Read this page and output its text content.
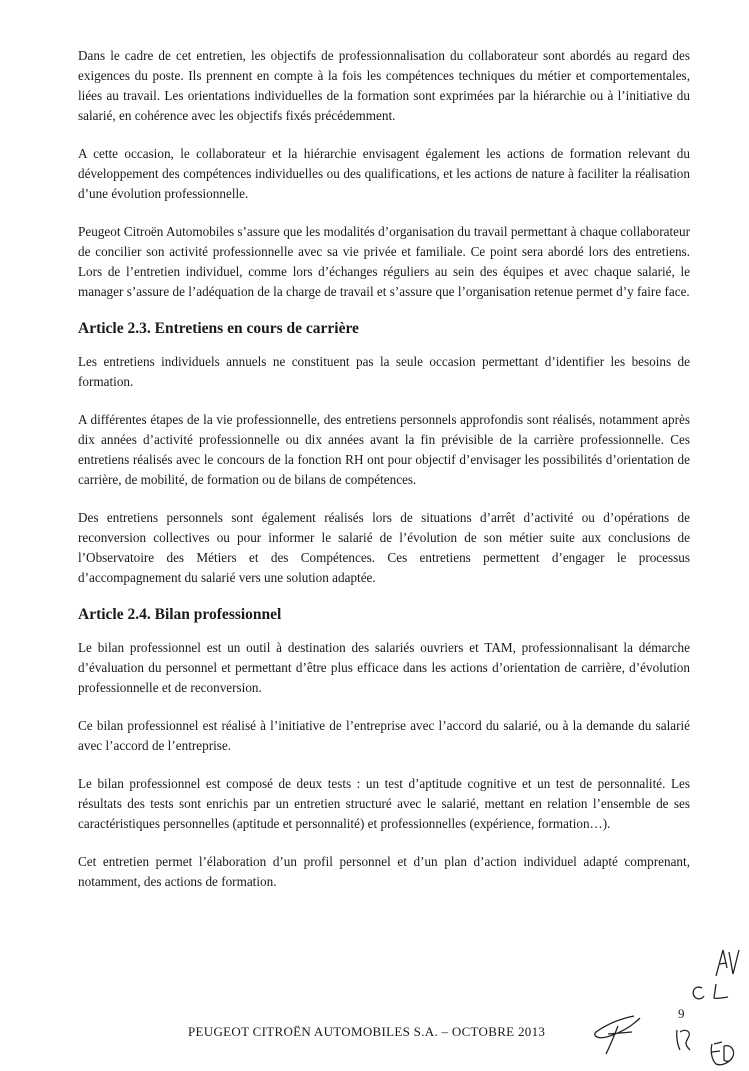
Dans le cadre de cet entretien, les objectifs de professionnalisation du collaborateur sont abordés au regard des exigences du poste. Ils prennent en compte à la fois les compétences techniques du métier et comportementales, liées au travail. Les orientations individuelles de la formation sont exprimées par la hiérarchie ou à l’initiative du salarié, en cohérence avec les objectifs fixés précédemment.

A cette occasion, le collaborateur et la hiérarchie envisagent également les actions de formation relevant du développement des compétences individuelles ou des qualifications, et les actions de nature à faciliter la réalisation d’une évolution professionnelle.

Peugeot Citroën Automobiles s’assure que les modalités d’organisation du travail permettant à chaque collaborateur de concilier son activité professionnelle avec sa vie privée et familiale. Ce point sera abordé lors des entretiens. Lors de l’entretien individuel, comme lors d’échanges réguliers au sein des équipes et avec chaque salarié, le manager s’assure de l’adéquation de la charge de travail et s’assure que l’organisation retenue permet d’y faire face.

Article 2.3. Entretiens en cours de carrière

Les entretiens individuels annuels ne constituent pas la seule occasion permettant d’identifier les besoins de formation.

A différentes étapes de la vie professionnelle, des entretiens personnels approfondis sont réalisés, notamment après dix années d’activité professionnelle ou dix années avant la fin prévisible de la carrière professionnelle. Ces entretiens réalisés avec le concours de la fonction RH ont pour objectif d’envisager les possibilités d’orientation de carrière, de mobilité, de formation ou de bilans de compétences.

Des entretiens personnels sont également réalisés lors de situations d’arrêt d’activité ou d’opérations de reconversion collectives ou pour informer le salarié de l’évolution de son métier suite aux conclusions de l’Observatoire des Métiers et des Compétences. Ces entretiens permettent d’engager le processus d’accompagnement du salarié vers une solution adaptée.

Article 2.4. Bilan professionnel

Le bilan professionnel est un outil à destination des salariés ouvriers et TAM, professionnalisant la démarche d’évaluation du personnel et permettant d’être plus efficace dans les actions d’orientation de carrière, d’évolution professionnelle et de reconversion.

Ce bilan professionnel est réalisé à l’initiative de l’entreprise avec l’accord du salarié, ou à la demande du salarié avec l’accord de l’entreprise.

Le bilan professionnel est composé de deux tests : un test d’aptitude cognitive et un test de personnalité. Les résultats des tests sont enrichis par un entretien structuré avec le salarié, mettant en relation l’ensemble de ses caractéristiques personnelles (aptitude et personnalité) et professionnelles (expérience, formation…).

Cet entretien permet l’élaboration d’un profil personnel et d’un plan d’action individuel adapté comprenant, notamment, des actions de formation.

9
PEUGEOT CITROËN AUTOMOBILES S.A. – OCTOBRE 2013
